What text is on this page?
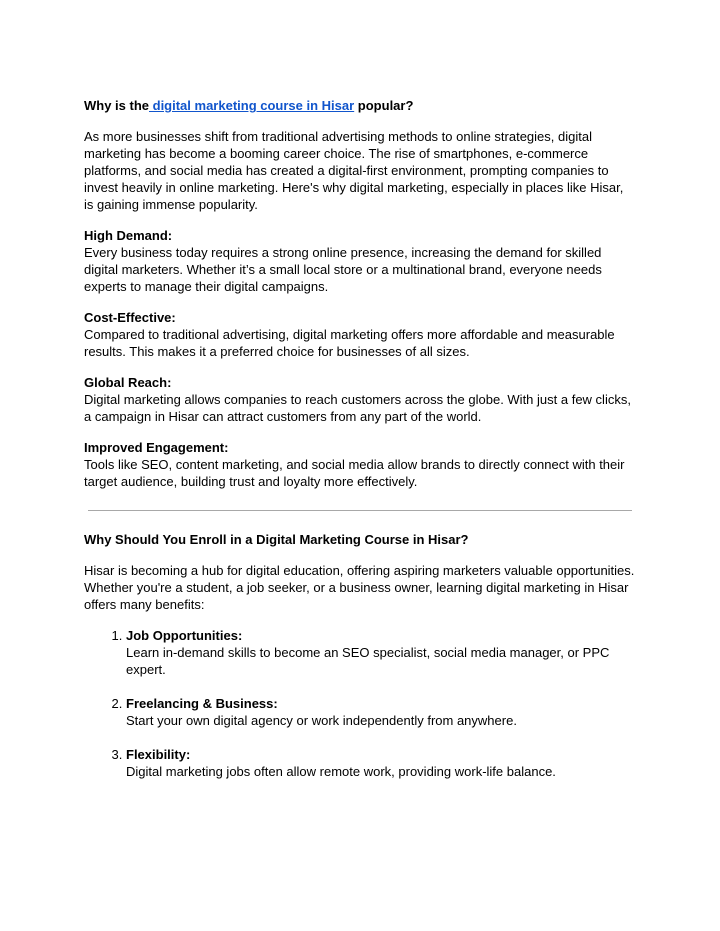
Why is the digital marketing course in Hisar popular?

As more businesses shift from traditional advertising methods to online strategies, digital marketing has become a booming career choice. The rise of smartphones, e-commerce platforms, and social media has created a digital-first environment, prompting companies to invest heavily in online marketing. Here's why digital marketing, especially in places like Hisar, is gaining immense popularity.

High Demand:

Every business today requires a strong online presence, increasing the demand for skilled digital marketers. Whether it’s a small local store or a multinational brand, everyone needs experts to manage their digital campaigns.

Cost-Effective:

Compared to traditional advertising, digital marketing offers more affordable and measurable results. This makes it a preferred choice for businesses of all sizes.

Global Reach:

Digital marketing allows companies to reach customers across the globe. With just a few clicks, a campaign in Hisar can attract customers from any part of the world.

Improved Engagement:

Tools like SEO, content marketing, and social media allow brands to directly connect with their target audience, building trust and loyalty more effectively.

Why Should You Enroll in a Digital Marketing Course in Hisar?

Hisar is becoming a hub for digital education, offering aspiring marketers valuable opportunities. Whether you're a student, a job seeker, or a business owner, learning digital marketing in Hisar offers many benefits:

1. Job Opportunities:
Learn in-demand skills to become an SEO specialist, social media manager, or PPC expert.
2. Freelancing & Business:
Start your own digital agency or work independently from anywhere.
3. Flexibility:
Digital marketing jobs often allow remote work, providing work-life balance.
